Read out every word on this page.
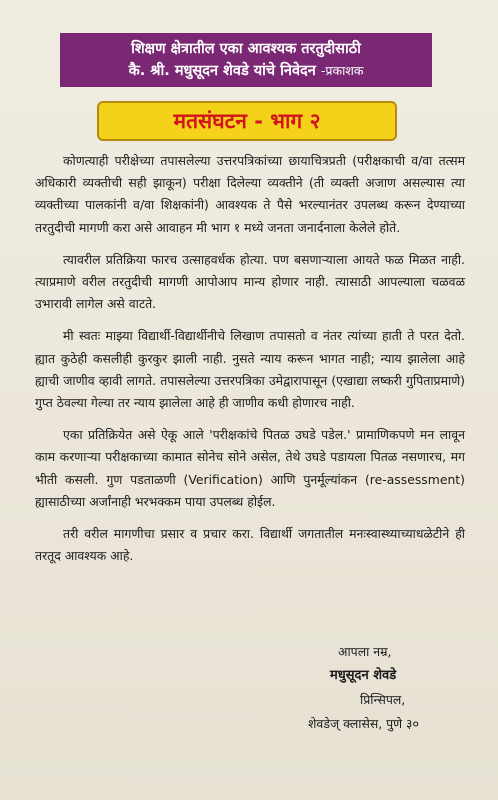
शिक्षण क्षेत्रातील एका आवश्यक तरतुदीसाठी
कै. श्री. मधुसूदन शेवडे यांचे निवेदन -प्रकाशक
मतसंघटन - भाग २

कोणत्याही परीक्षेच्या तपासलेल्या उत्तरपत्रिकांच्या छायाचित्रप्रती (परीक्षकाची व/वा तत्सम अधिकारी व्यक्तीची सही झाकून) परीक्षा दिलेल्या व्यक्तीने (ती व्यक्ती अजाण असल्यास त्या व्यक्तीच्या पालकांनी व/वा शिक्षकांनी) आवश्यक ते पैसे भरल्यानंतर उपलब्ध करून देण्याच्या तरतुदीची मागणी करा असे आवाहन मी भाग १ मध्ये जनता जनार्दनाला केलेले होते.

त्यावरील प्रतिक्रिया फारच उत्साहवर्धक होत्या. पण बसणाऱ्याला आयते फळ मिळत नाही. त्याप्रमाणे वरील तरतुदीची मागणी आपोआप मान्य होणार नाही. त्यासाठी आपल्याला चळवळ उभारावी लागेल असे वाटते.

मी स्वतः माझ्या विद्यार्थी-विद्यार्थीनीचे लिखाण तपासतो व नंतर त्यांच्या हाती ते परत देतो. ह्यात कुठेही कसलीही कुरकुर झाली नाही. नुसते न्याय करून भागत नाही; न्याय झालेला आहे ह्याची जाणीव व्हावी लागते. तपासलेल्या उत्तरपत्रिका उमेद्वारापासून (एखाद्या लष्करी गुपिताप्रमाणे) गुप्त ठेवल्या गेल्या तर न्याय झालेला आहे ही जाणीव कधी होणारच नाही.

एका प्रतिक्रियेत असे ऐकू आले 'परीक्षकांचे पितळ उघडे पडेल.' प्रामाणिकपणे मन लावून काम करणाऱ्या परीक्षकाच्या कामात सोनेच सोने असेल, तेथे उघडे पडायला पितळ नसणारच, मग भीती कसली. गुण पडताळणी (Verification) आणि पुनर्मूल्यांकन (re-assessment) ह्यासाठीच्या अर्जांनाही भरभक्कम पाया उपलब्ध होईल.

तरी वरील मागणीचा प्रसार व प्रचार करा. विद्यार्थी जगतातील मनःस्वास्थ्याच्याधळेटीने ही तरतूद आवश्यक आहे.

आपला नम्र,
मधुसूदन शेवडे
प्रिन्सिपल,
शेवडेज् क्लासेस, पुणे ३०
